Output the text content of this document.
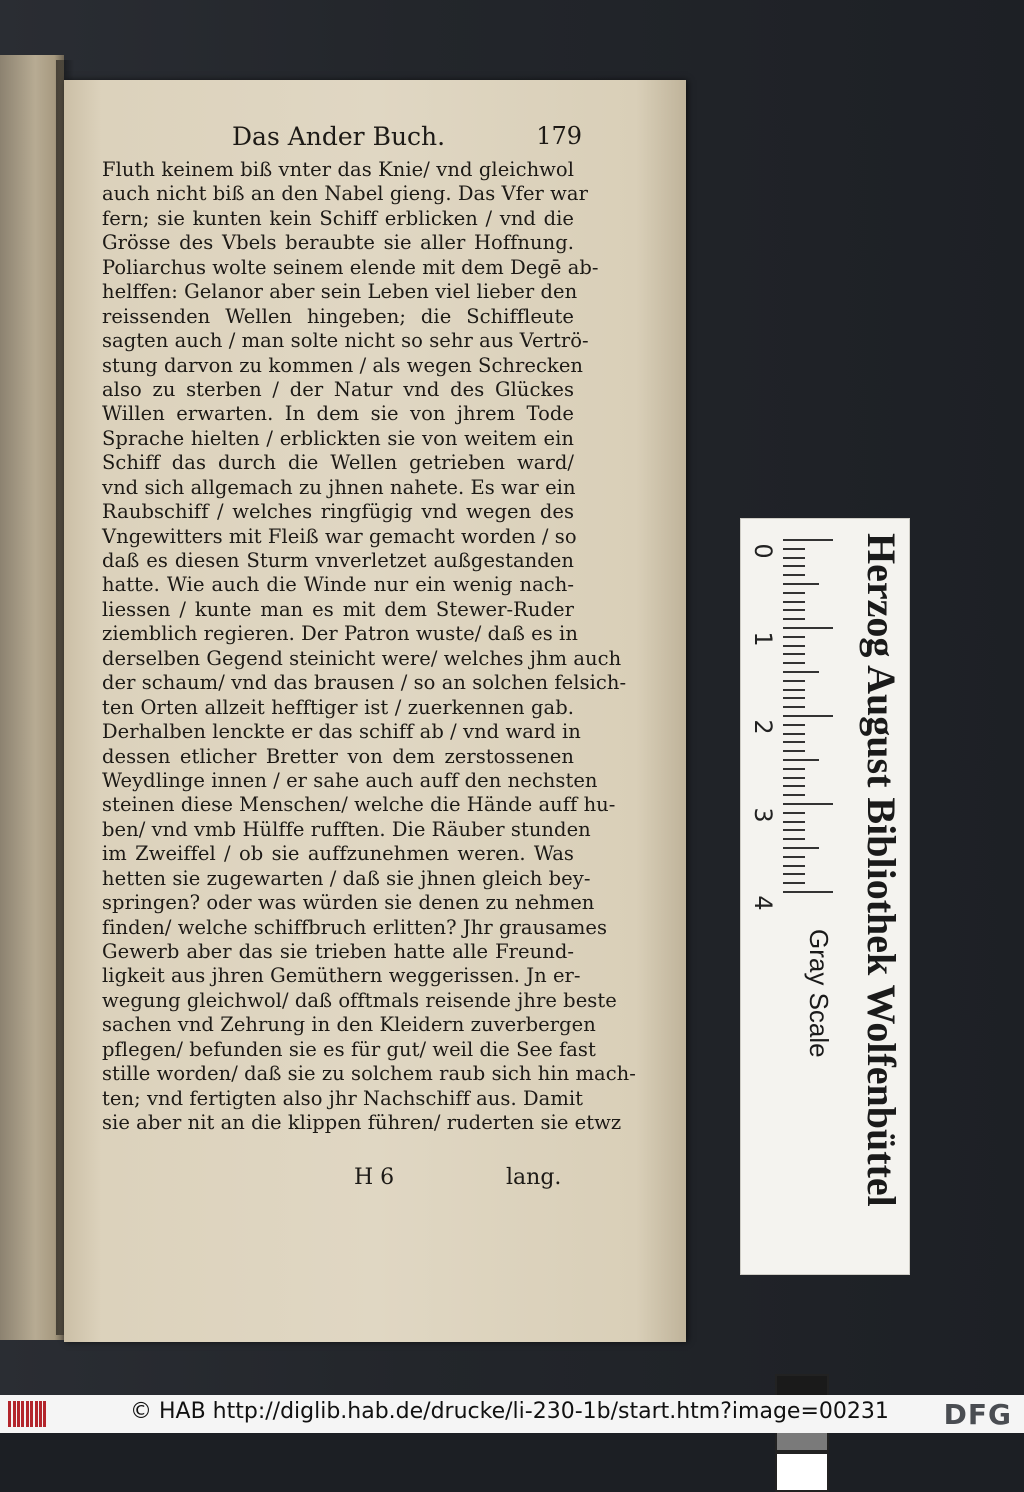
Das Ander Buch.	179
Fluth keinem biß vnter das Knie/ vnd gleichwol
auch nicht biß an den Nabel gieng. Das Vfer war
fern; sie kunten kein Schiff erblicken / vnd die
Grösse des Vbels beraubte sie aller Hoffnung.
Poliarchus wolte seinem elende mit dem Degē ab-
helffen: Gelanor aber sein Leben viel lieber den
reissenden Wellen hingeben; die Schiffleute
sagten auch / man solte nicht so sehr aus Vertrö-
stung darvon zu kommen / als wegen Schrecken
also zu sterben / der Natur vnd des Glückes
Willen erwarten. In dem sie von jhrem Tode
Sprache hielten / erblickten sie von weitem ein
Schiff das durch die Wellen getrieben ward/
vnd sich allgemach zu jhnen nahete. Es war ein
Raubschiff / welches ringfügig vnd wegen des
Vngewitters mit Fleiß war gemacht worden / so
daß es diesen Sturm vnverletzet außgestanden
hatte. Wie auch die Winde nur ein wenig nach-
liessen / kunte man es mit dem Stewer-Ruder
ziemblich regieren. Der Patron wuste/ daß es in
derselben Gegend steinicht were/ welches jhm auch
der schaum/ vnd das brausen / so an solchen felsich-
ten Orten allzeit hefftiger ist / zuerkennen gab.
Derhalben lenckte er das schiff ab / vnd ward in
dessen etlicher Bretter von dem zerstossenen
Weydlinge innen / er sahe auch auff den nechsten
steinen diese Menschen/ welche die Hände auff hu-
ben/ vnd vmb Hülffe rufften. Die Räuber stunden
im Zweiffel / ob sie auffzunehmen weren. Was
hetten sie zugewarten / daß sie jhnen gleich bey-
springen? oder was würden sie denen zu nehmen
finden/ welche schiffbruch erlitten? Jhr grausames
Gewerb aber das sie trieben hatte alle Freund-
ligkeit aus jhren Gemüthern weggerissen. Jn er-
wegung gleichwol/ daß offtmals reisende jhre beste
sachen vnd Zehrung in den Kleidern zuverbergen
pflegen/ befunden sie es für gut/ weil die See fast
stille worden/ daß sie zu solchem raub sich hin mach-
ten; vnd fertigten also jhr Nachschiff aus. Damit
sie aber nit an die klippen führen/ ruderten sie etwz
H 6	lang.
0
1
2
3
4 Herzog August Bibliothek Wolfenbüttel
Gray Scale
© HAB http://diglib.hab.de/drucke/li-230-1b/start.htm?image=00231 DFG
